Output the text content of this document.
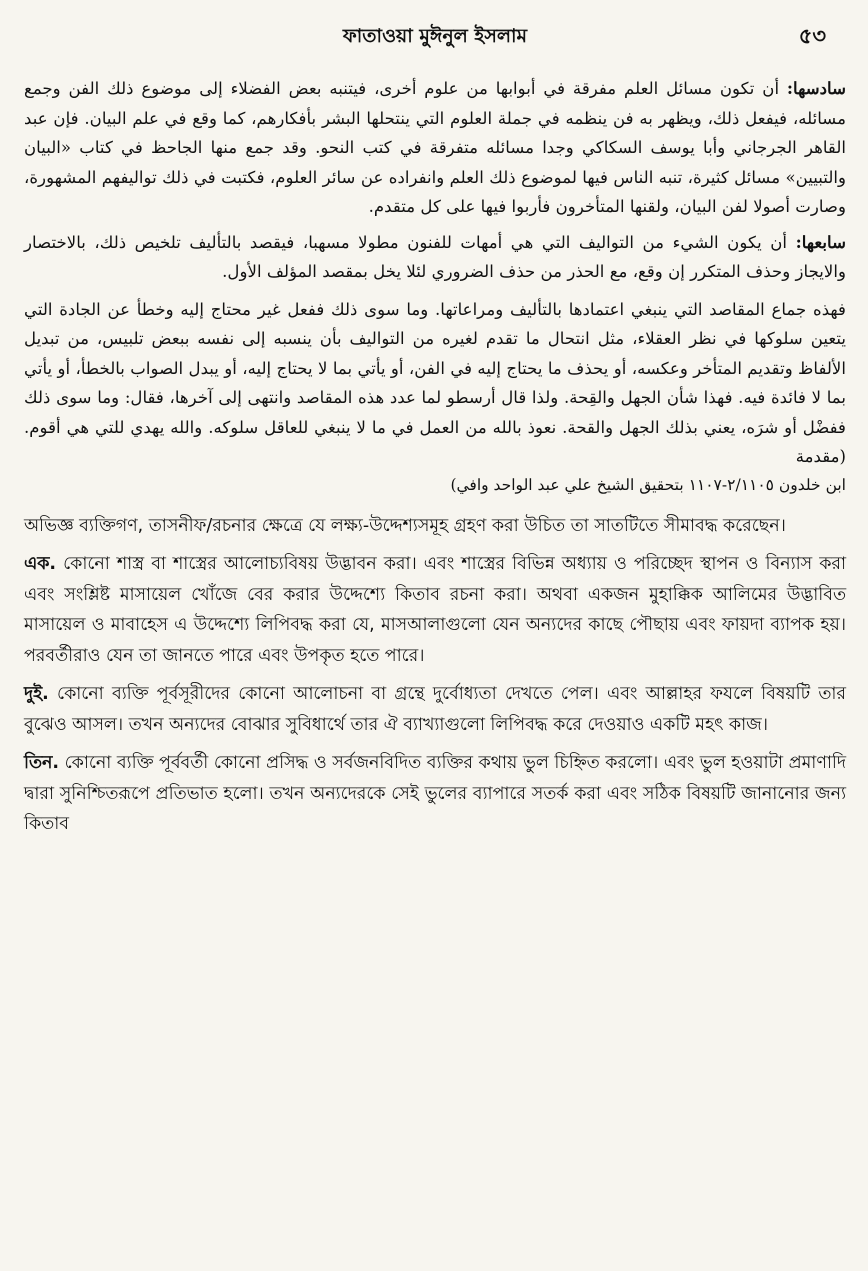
ফাতাওয়া মুঈনুল ইসলাম	৫৩

سادسها: أن تكون مسائل العلم مفرقة في أبوابها من علوم أخرى، فيتنبه بعض الفضلاء إلى موضوع ذلك الفن وجمع مسائله، فيفعل ذلك، ويظهر به فن ينظمه في جملة العلوم التي ينتحلها البشر بأفكارهم، كما وقع في علم البيان. فإن عبد القاهر الجرجاني وأبا يوسف السكاكي وجدا مسائله متفرقة في كتب النحو. وقد جمع منها الجاحظ في كتاب «البيان والتبيين» مسائل كثيرة، تنبه الناس فيها لموضوع ذلك العلم وانفراده عن سائر العلوم، فكتبت في ذلك تواليفهم المشهورة، وصارت أصولا لفن البيان، ولقنها المتأخرون فأربوا فيها على كل متقدم.

سابعها: أن يكون الشيء من التواليف التي هي أمهات للفنون مطولا مسهبا، فيقصد بالتأليف تلخيص ذلك، بالاختصار والايجاز وحذف المتكرر إن وقع، مع الحذر من حذف الضروري لئلا يخل بمقصد المؤلف الأول.

فهذه جماع المقاصد التي ينبغي اعتمادها بالتأليف ومراعاتها. وما سوى ذلك ففعل غير محتاج إليه وخطأ عن الجادة التي يتعين سلوكها في نظر العقلاء، مثل انتحال ما تقدم لغيره من التواليف بأن ينسبه إلى نفسه ببعض تلبيس، من تبديل الألفاظ وتقديم المتأخر وعكسه، أو يحذف ما يحتاج إليه في الفن، أو يأتي بما لا يحتاج إليه، أو يبدل الصواب بالخطأ، أو يأتي بما لا فائدة فيه. فهذا شأن الجهل والقِحة. ولذا قال أرسطو لما عدد هذه المقاصد وانتهى إلى آخرها، فقال: وما سوى ذلك ففضْل أو شرَه، يعني بذلك الجهل والقحة. نعوذ بالله من العمل في ما لا ينبغي للعاقل سلوكه. والله يهدي للتي هي أقوم. (مقدمة

ابن خلدون ٢/١١٠٥-١١٠٧ بتحقيق الشيخ علي عبد الواحد وافي)

অভিজ্ঞ ব্যক্তিগণ, তাসনীফ/রচনার ক্ষেত্রে যে লক্ষ্য-উদ্দেশ্যসমূহ গ্রহণ করা উচিত তা সাতটিতে সীমাবদ্ধ করেছেন।

এক. কোনো শাস্ত্র বা শাস্ত্রের আলোচ্যবিষয় উদ্ভাবন করা। এবং শাস্ত্রের বিভিন্ন অধ্যায় ও পরিচ্ছেদ স্থাপন ও বিন্যাস করা এবং সংশ্লিষ্ট মাসায়েল খোঁজে বের করার উদ্দেশ্যে কিতাব রচনা করা। অথবা একজন মুহাক্কিক আলিমের উদ্ভাবিত মাসায়েল ও মাবাহেস এ উদ্দেশ্যে লিপিবদ্ধ করা যে, মাসআলাগুলো যেন অন্যদের কাছে পৌছায় এবং ফায়দা ব্যাপক হয়। পরবর্তীরাও যেন তা জানতে পারে এবং উপকৃত হতে পারে।

দুই. কোনো ব্যক্তি পূর্বসূরীদের কোনো আলোচনা বা গ্রন্থে দুর্বোধ্যতা দেখতে পেল। এবং আল্লাহর ফযলে বিষয়টি তার বুঝেও আসল। তখন অন্যদের বোঝার সুবিধার্থে তার ঐ ব্যাখ্যাগুলো লিপিবদ্ধ করে দেওয়াও একটি মহৎ কাজ।

তিন. কোনো ব্যক্তি পূর্ববর্তী কোনো প্রসিদ্ধ ও সর্বজনবিদিত ব্যক্তির কথায় ভুল চিহ্নিত করলো। এবং ভুল হওয়াটা প্রমাণাদি দ্বারা সুনিশ্চিতরূপে প্রতিভাত হলো। তখন অন্যদেরকে সেই ভুলের ব্যাপারে সতর্ক করা এবং সঠিক বিষয়টি জানানোর জন্য কিতাব
